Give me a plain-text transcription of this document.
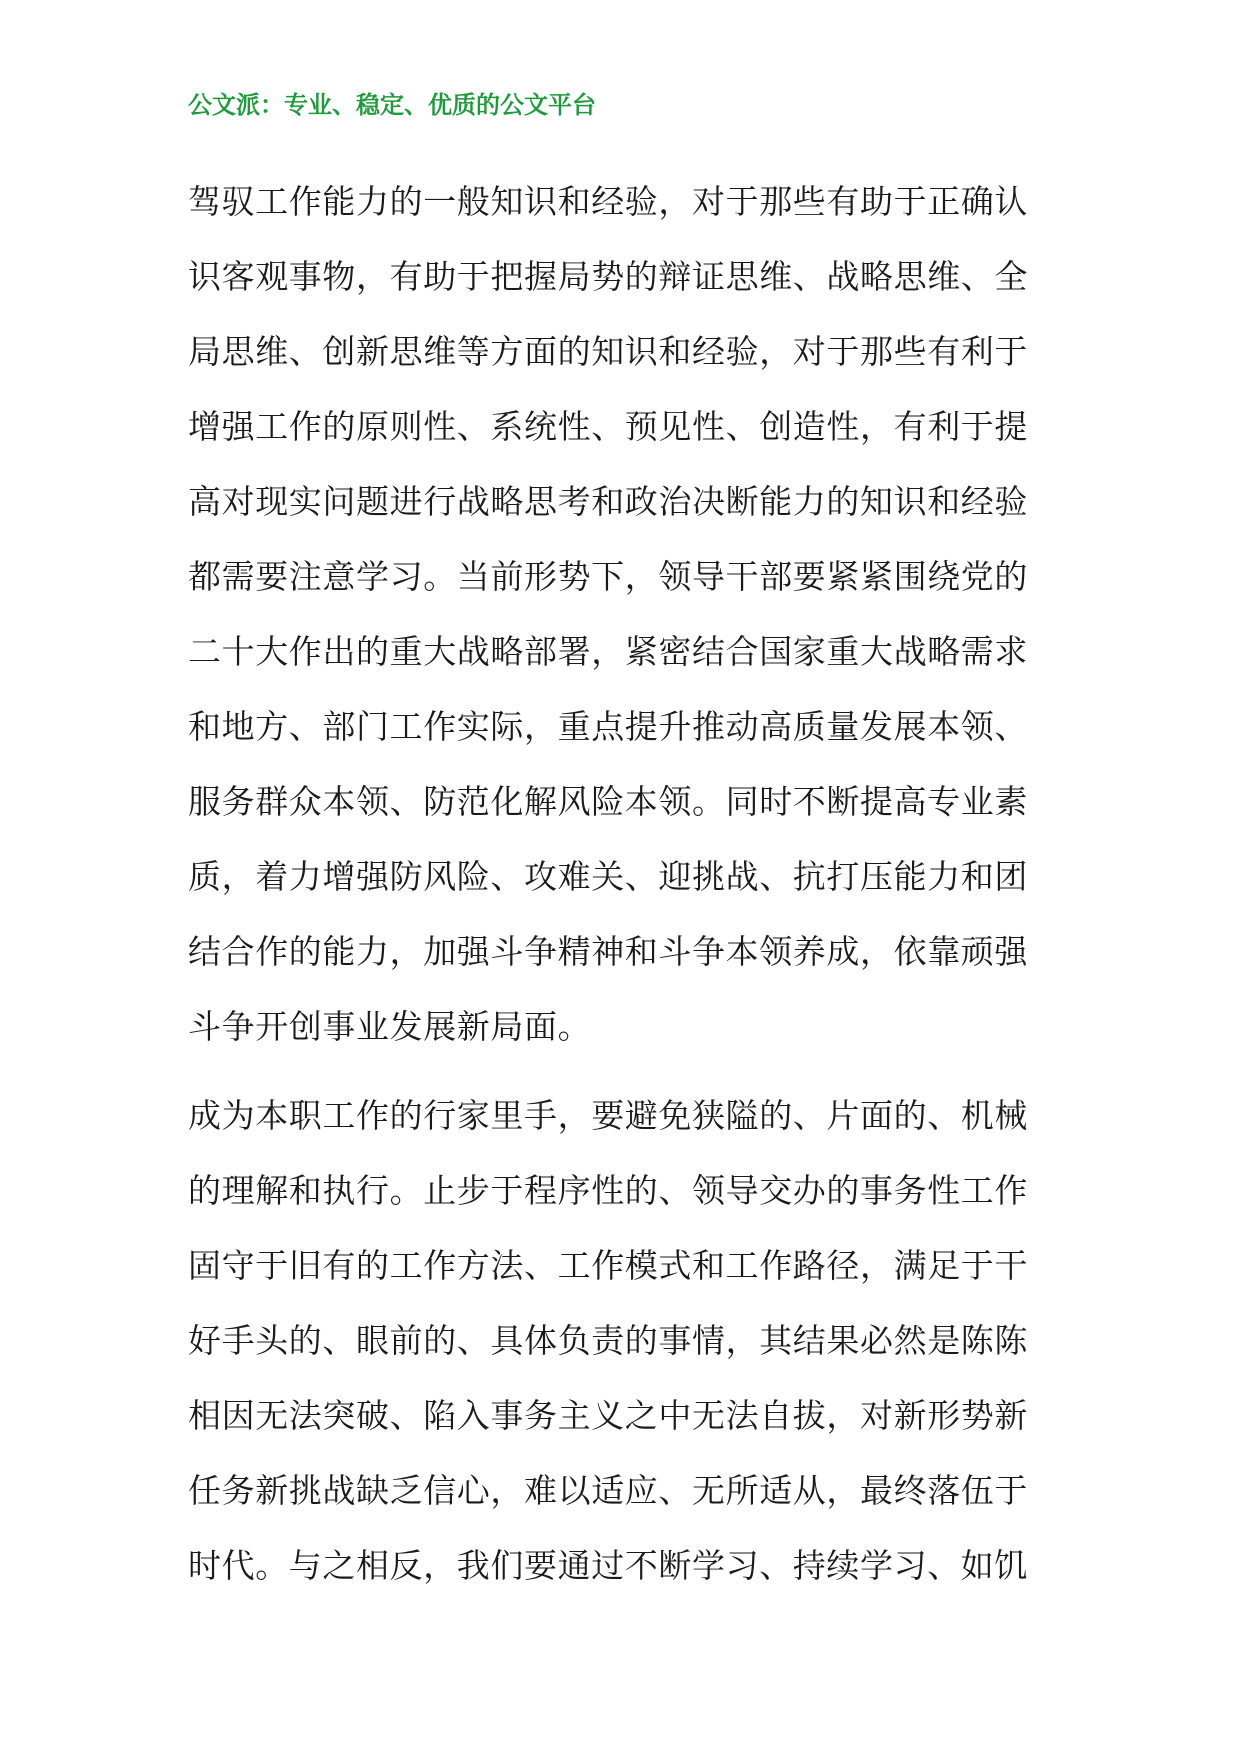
公文派：专业、稳定、优质的公文平台
驾驭工作能力的一般知识和经验，对于那些有助于正确认
识客观事物，有助于把握局势的辩证思维、战略思维、全
局思维、创新思维等方面的知识和经验，对于那些有利于
增强工作的原则性、系统性、预见性、创造性，有利于提
高对现实问题进行战略思考和政治决断能力的知识和经验
都需要注意学习。当前形势下，领导干部要紧紧围绕党的
二十大作出的重大战略部署，紧密结合国家重大战略需求
和地方、部门工作实际，重点提升推动高质量发展本领、
服务群众本领、防范化解风险本领。同时不断提高专业素
质，着力增强防风险、攻难关、迎挑战、抗打压能力和团
结合作的能力，加强斗争精神和斗争本领养成，依靠顽强
斗争开创事业发展新局面。
成为本职工作的行家里手，要避免狭隘的、片面的、机械
的理解和执行。止步于程序性的、领导交办的事务性工作
固守于旧有的工作方法、工作模式和工作路径，满足于干
好手头的、眼前的、具体负责的事情，其结果必然是陈陈
相因无法突破、陷入事务主义之中无法自拔，对新形势新
任务新挑战缺乏信心，难以适应、无所适从，最终落伍于
时代。与之相反，我们要通过不断学习、持续学习、如饥
